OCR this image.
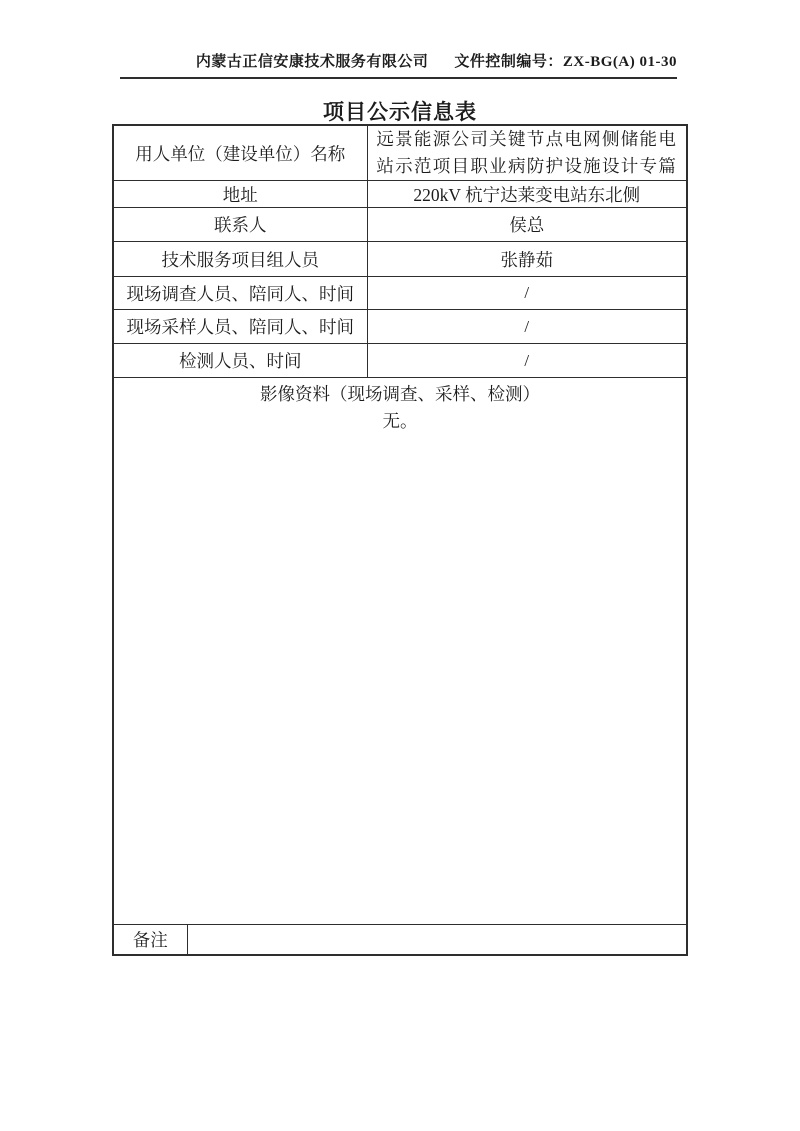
内蒙古正信安康技术服务有限公司 文件控制编号：ZX-BG(A) 01-30
项目公示信息表
用人单位（建设单位）名称		远景能源公司关键节点电网侧储能电站示范项目职业病防护设施设计专篇
地址		220kV 杭宁达莱变电站东北侧
联系人		侯总
技术服务项目组人员		张静茹
现场调查人员、陪同人、时间		/
现场采样人员、陪同人、时间		/
检测人员、时间		/

影像资料（现场调查、采样、检测）
无。		

备注		
